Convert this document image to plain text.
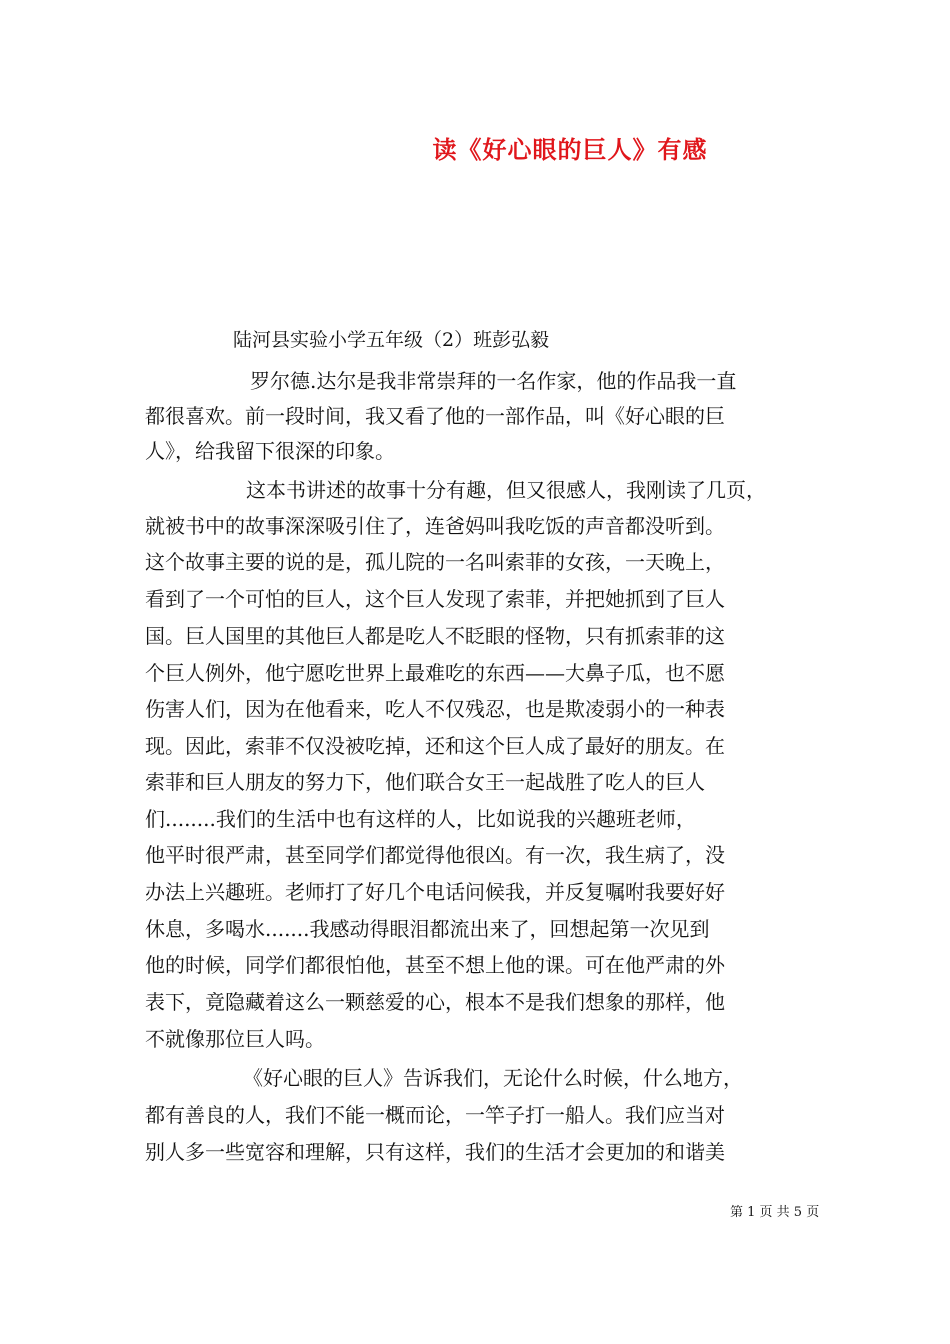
读《好心眼的巨人》有感
陆河县实验小学五年级（2）班彭弘毅
罗尔德.达尔是我非常崇拜的一名作家，他的作品我一直
都很喜欢。前一段时间，我又看了他的一部作品，叫《好心眼的巨
人》，给我留下很深的印象。
这本书讲述的故事十分有趣，但又很感人，我刚读了几页，
就被书中的故事深深吸引住了，连爸妈叫我吃饭的声音都没听到。
这个故事主要的说的是，孤儿院的一名叫索菲的女孩，一天晚上，
看到了一个可怕的巨人，这个巨人发现了索菲，并把她抓到了巨人
国。巨人国里的其他巨人都是吃人不眨眼的怪物，只有抓索菲的这
个巨人例外，他宁愿吃世界上最难吃的东西——大鼻子瓜，也不愿
伤害人们，因为在他看来，吃人不仅残忍，也是欺凌弱小的一种表
现。因此，索菲不仅没被吃掉，还和这个巨人成了最好的朋友。在
索菲和巨人朋友的努力下，他们联合女王一起战胜了吃人的巨人
们........我们的生活中也有这样的人，比如说我的兴趣班老师，
他平时很严肃，甚至同学们都觉得他很凶。有一次，我生病了，没
办法上兴趣班。老师打了好几个电话问候我，并反复嘱咐我要好好
休息，多喝水.......我感动得眼泪都流出来了，回想起第一次见到
他的时候，同学们都很怕他，甚至不想上他的课。可在他严肃的外
表下，竟隐藏着这么一颗慈爱的心，根本不是我们想象的那样，他
不就像那位巨人吗。
《好心眼的巨人》告诉我们，无论什么时候，什么地方，
都有善良的人，我们不能一概而论，一竿子打一船人。我们应当对
别人多一些宽容和理解，只有这样，我们的生活才会更加的和谐美
第 1 页 共 5 页
